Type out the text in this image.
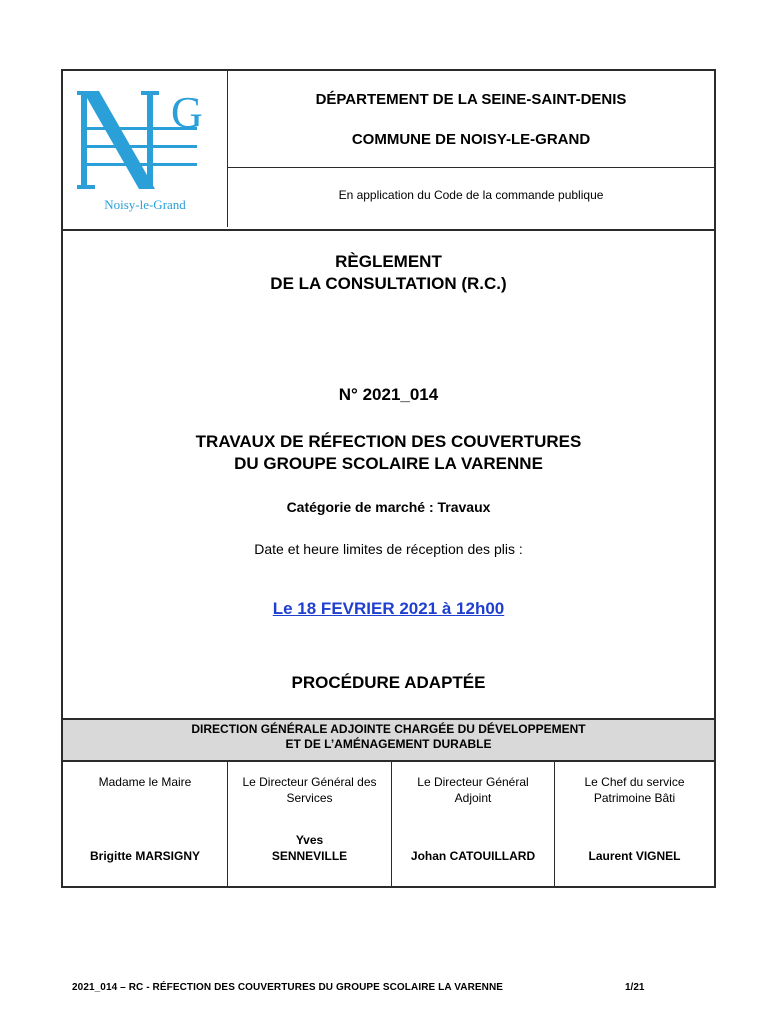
G
Noisy-le-Grand
DÉPARTEMENT DE LA SEINE-SAINT-DENIS
COMMUNE DE NOISY-LE-GRAND
En application du Code de la commande publique
RÈGLEMENT
DE LA CONSULTATION (R.C.)
N° 2021_014
TRAVAUX DE RÉFECTION DES COUVERTURES
DU GROUPE SCOLAIRE LA VARENNE
Catégorie de marché : Travaux
Date et heure limites de réception des plis :
Le 18 FEVRIER 2021 à 12h00
PROCÉDURE ADAPTÉE
DIRECTION GÉNÉRALE ADJOINTE CHARGÉE DU DÉVELOPPEMENT
ET DE L’AMÉNAGEMENT DURABLE
Madame le Maire
Brigitte MARSIGNY
Le Directeur Général des
Services
Yves
SENNEVILLE
Le Directeur Général
Adjoint
Johan CATOUILLARD
Le Chef du service
Patrimoine Bâti
Laurent VIGNEL
2021_014 – RC - RÉFECTION DES COUVERTURES DU GROUPE SCOLAIRE LA VARENNE	1/21
